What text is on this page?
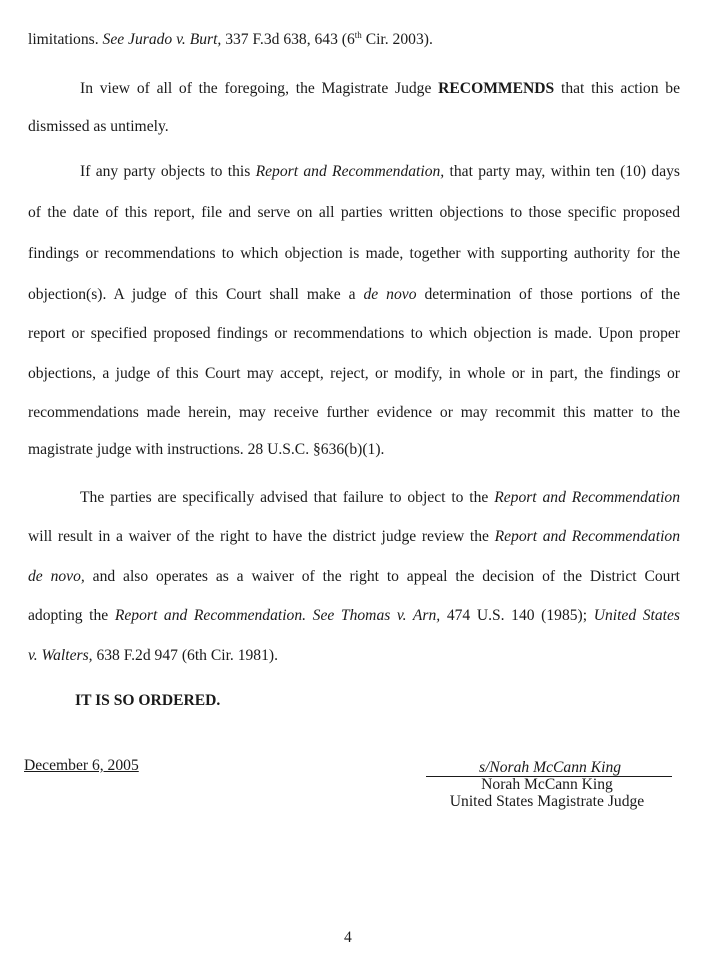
limitations. See Jurado v. Burt, 337 F.3d 638, 643 (6th Cir. 2003).
In view of all of the foregoing, the Magistrate Judge RECOMMENDS that this action be
dismissed as untimely.
If any party objects to this Report and Recommendation, that party may, within ten (10) days
of the date of this report, file and serve on all parties written objections to those specific proposed
findings or recommendations to which objection is made, together with supporting authority for the
objection(s). A judge of this Court shall make a de novo determination of those portions of the
report or specified proposed findings or recommendations to which objection is made. Upon proper
objections, a judge of this Court may accept, reject, or modify, in whole or in part, the findings or
recommendations made herein, may receive further evidence or may recommit this matter to the
magistrate judge with instructions. 28 U.S.C. §636(b)(1).
The parties are specifically advised that failure to object to the Report and Recommendation
will result in a waiver of the right to have the district judge review the Report and Recommendation
de novo, and also operates as a waiver of the right to appeal the decision of the District Court
adopting the Report and Recommendation. See Thomas v. Arn, 474 U.S. 140 (1985); United States
v. Walters, 638 F.2d 947 (6th Cir. 1981).
IT IS SO ORDERED.
December 6, 2005	s/Norah McCann King
Norah McCann King
United States Magistrate Judge
4
